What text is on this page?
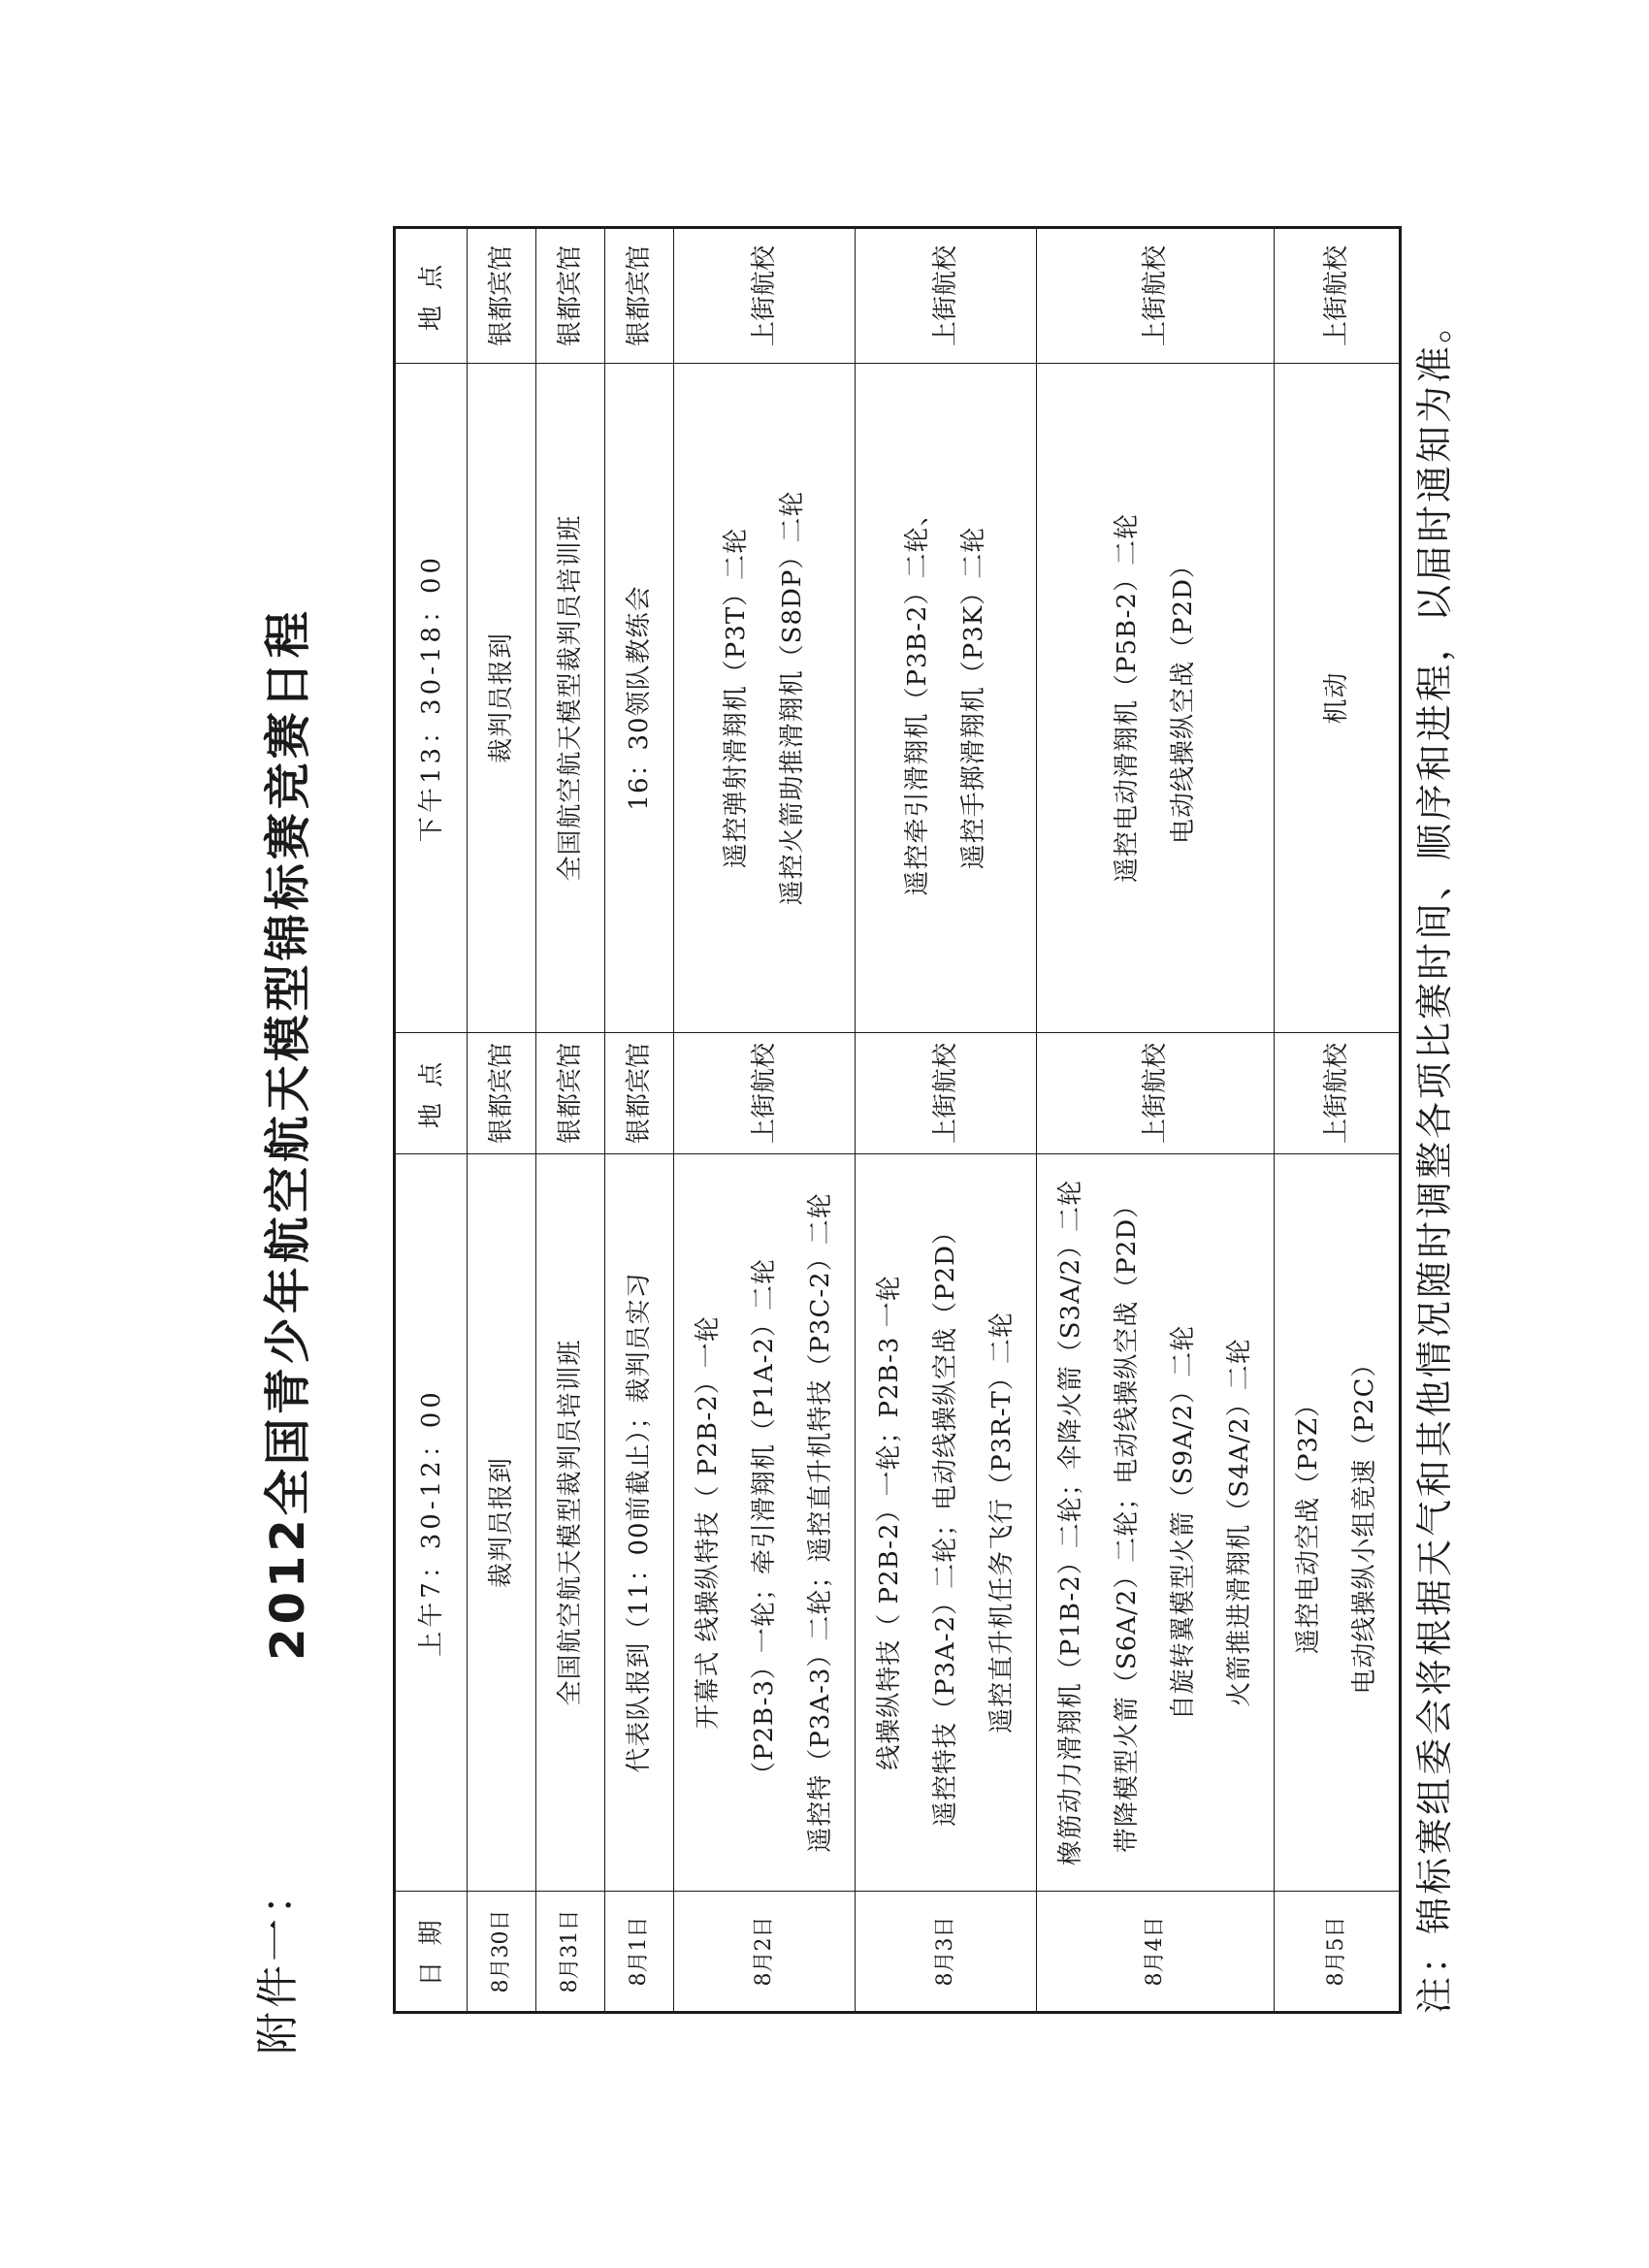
附件一：
2012全国青少年航空航天模型锦标赛竞赛日程
日 期	上午7：30-12：00	地 点	下午13：30-18：00	地 点
8月30日	裁判员报到	银都宾馆	裁判员报到	银都宾馆
8月31日	全国航空航天模型裁判员培训班	银都宾馆	全国航空航天模型裁判员培训班	银都宾馆
8月1日	代表队报到（11：00前截止）；裁判员实习	银都宾馆	16：30领队教练会	银都宾馆
8月2日	开幕式 线操纵特技（ P2B-2）一轮 （P2B-3）一轮；牵引滑翔机（P1A-2）二轮 遥控特（P3A-3）二轮；遥控直升机特技（P3C-2）二轮	上街航校	遥控弹射滑翔机（P3T）二轮 遥控火箭助推滑翔机（S8DP）二轮	上街航校
8月3日	线操纵特技（ P2B-2）一轮；P2B-3 一轮 遥控特技（P3A-2）二轮；电动线操纵空战（P2D） 遥控直升机任务飞行（P3R-T）二轮	上街航校	遥控牵引滑翔机（P3B-2）二轮、 遥控手掷滑翔机（P3K）二轮	上街航校
8月4日	橡筋动力滑翔机（P1B-2）二轮；伞降火箭（S3A/2）二轮 带降模型火箭（S6A/2）二轮；电动线操纵空战（P2D） 自旋转翼模型火箭（S9A/2）二轮 火箭推进滑翔机（S4A/2）二轮	上街航校	遥控电动滑翔机（P5B-2）二轮 电动线操纵空战（P2D）	上街航校
8月5日	遥控电动空战（P3Z） 电动线操纵小组竞速（P2C）	上街航校	机动	上街航校
注：锦标赛组委会将根据天气和其他情况随时调整各项比赛时间、顺序和进程，以届时通知为准。
